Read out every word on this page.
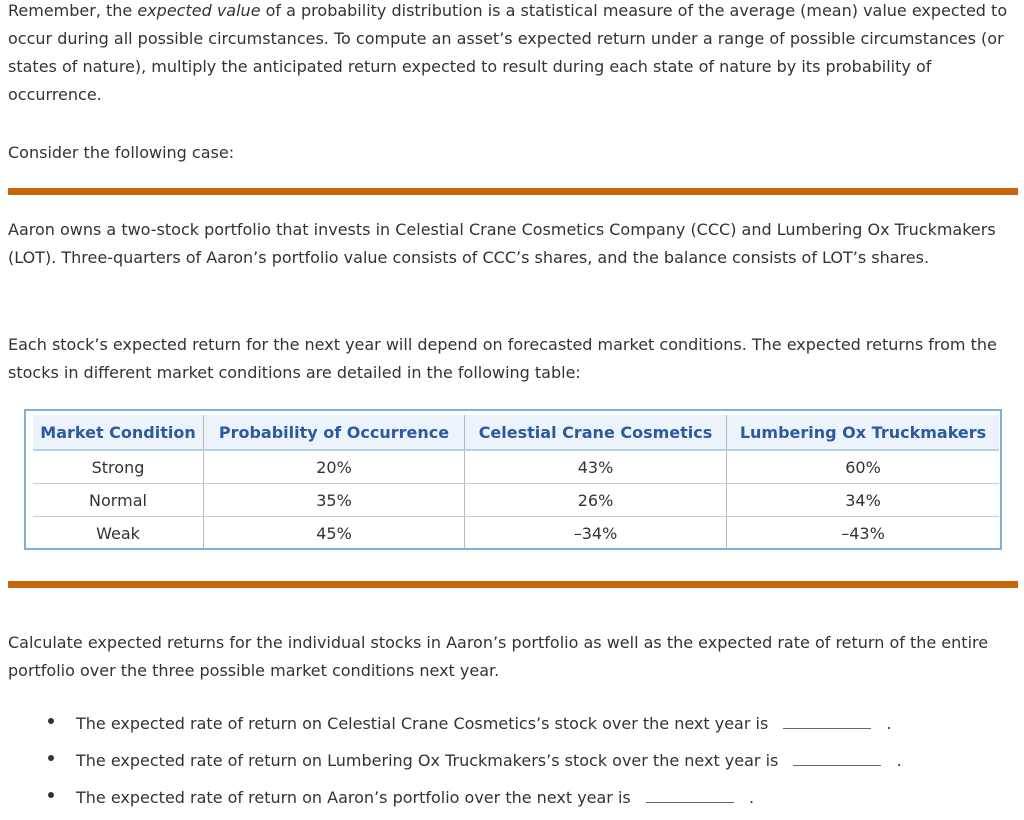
Remember, the expected value of a probability distribution is a statistical measure of the average (mean) value expected to occur during all possible circumstances. To compute an asset’s expected return under a range of possible circumstances (or states of nature), multiply the anticipated return expected to result during each state of nature by its probability of occurrence.

Consider the following case:

Aaron owns a two-stock portfolio that invests in Celestial Crane Cosmetics Company (CCC) and Lumbering Ox Truckmakers (LOT). Three-quarters of Aaron’s portfolio value consists of CCC’s shares, and the balance consists of LOT’s shares.

Each stock’s expected return for the next year will depend on forecasted market conditions. The expected returns from the stocks in different market conditions are detailed in the following table:

Market Condition	Probability of Occurrence	Celestial Crane Cosmetics	Lumbering Ox Truckmakers
Strong	20%	43%	60%
Normal	35%	26%	34%
Weak	45%	–34%	–43%

Calculate expected returns for the individual stocks in Aaron’s portfolio as well as the expected rate of return of the entire portfolio over the three possible market conditions next year.

The expected rate of return on Celestial Crane Cosmetics’s stock over the next year is	.
The expected rate of return on Lumbering Ox Truckmakers’s stock over the next year is	.
The expected rate of return on Aaron’s portfolio over the next year is	.
